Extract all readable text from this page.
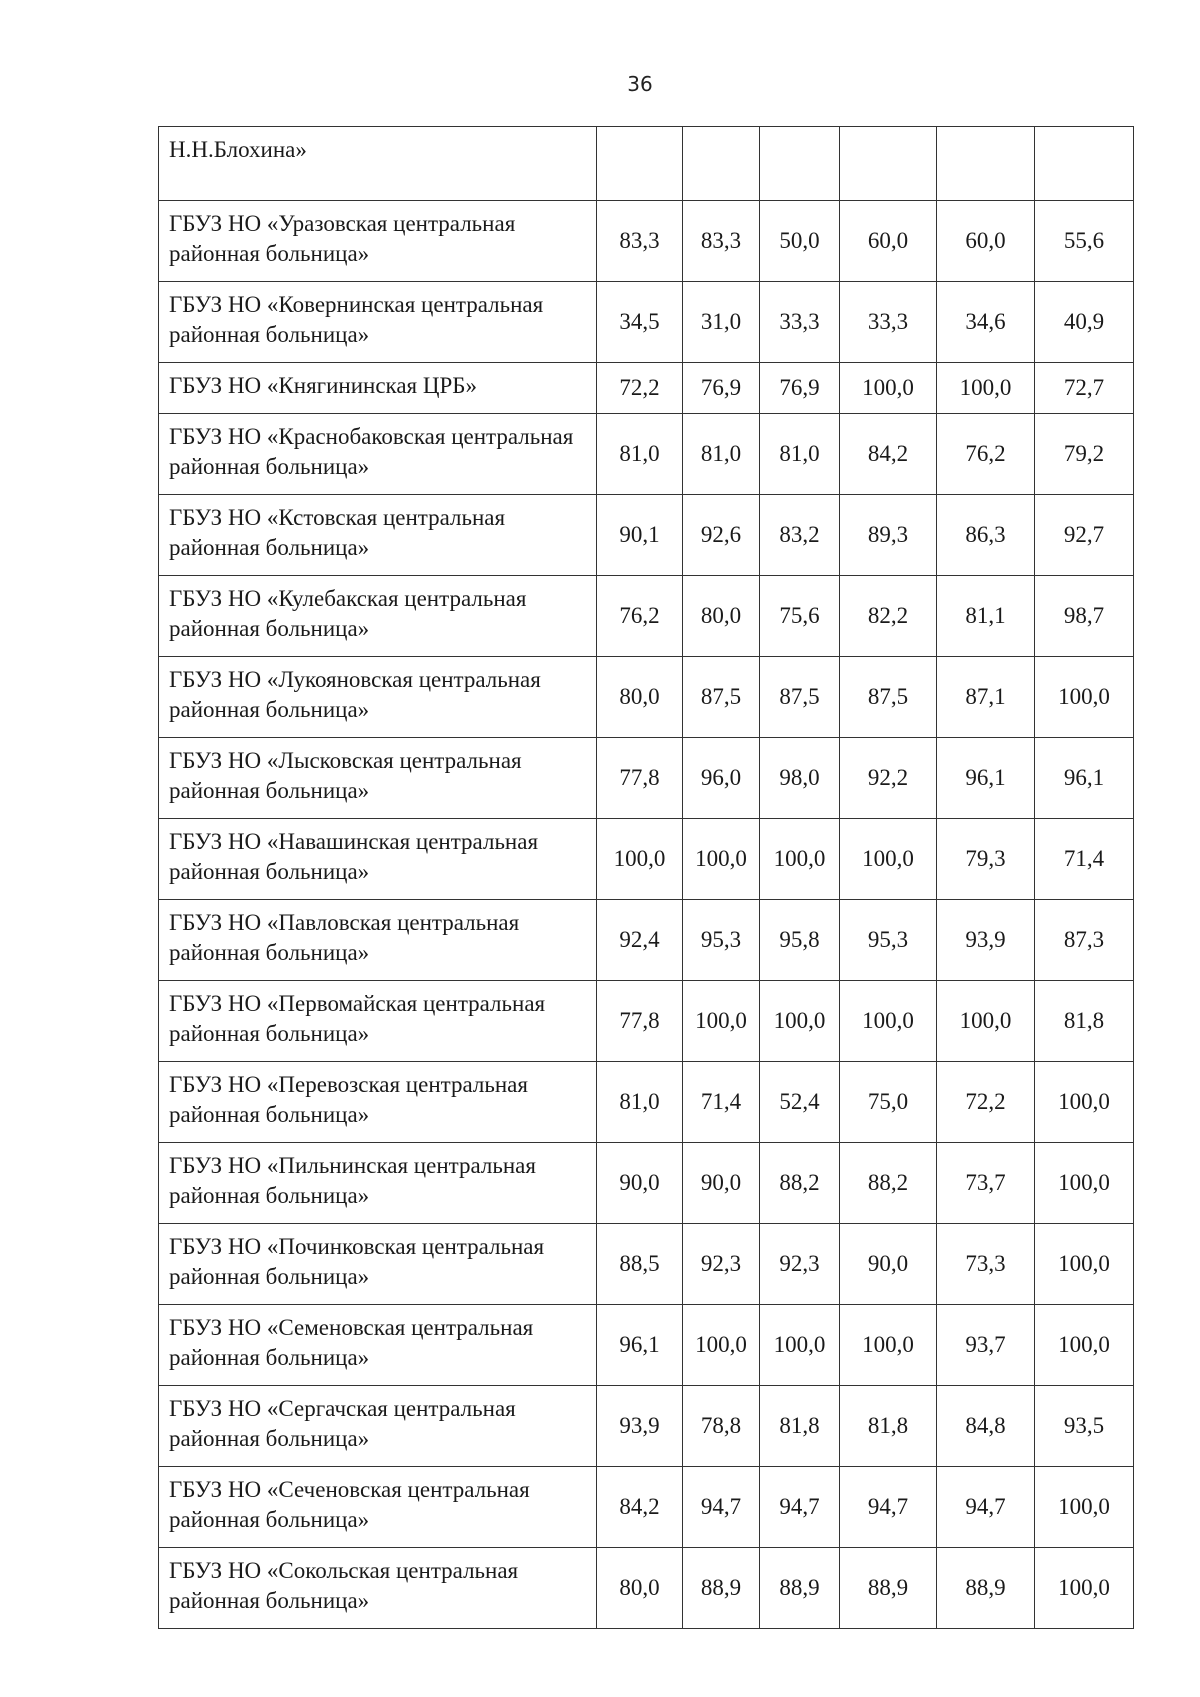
36
Н.Н.Блохина»						
ГБУЗ НО «Уразовская центральная районная больница»	83,3	83,3	50,0	60,0	60,0	55,6
ГБУЗ НО «Ковернинская центральная районная больница»	34,5	31,0	33,3	33,3	34,6	40,9
ГБУЗ НО «Княгининская ЦРБ»	72,2	76,9	76,9	100,0	100,0	72,7
ГБУЗ НО «Краснобаковская центральная районная больница»	81,0	81,0	81,0	84,2	76,2	79,2
ГБУЗ НО «Кстовская центральная районная больница»	90,1	92,6	83,2	89,3	86,3	92,7
ГБУЗ НО «Кулебакская центральная районная больница»	76,2	80,0	75,6	82,2	81,1	98,7
ГБУЗ НО «Лукояновская центральная районная больница»	80,0	87,5	87,5	87,5	87,1	100,0
ГБУЗ НО «Лысковская центральная районная больница»	77,8	96,0	98,0	92,2	96,1	96,1
ГБУЗ НО «Навашинская центральная районная больница»	100,0	100,0	100,0	100,0	79,3	71,4
ГБУЗ НО «Павловская центральная районная больница»	92,4	95,3	95,8	95,3	93,9	87,3
ГБУЗ НО «Первомайская центральная районная больница»	77,8	100,0	100,0	100,0	100,0	81,8
ГБУЗ НО «Перевозская центральная районная больница»	81,0	71,4	52,4	75,0	72,2	100,0
ГБУЗ НО «Пильнинская центральная районная больница»	90,0	90,0	88,2	88,2	73,7	100,0
ГБУЗ НО «Починковская центральная районная больница»	88,5	92,3	92,3	90,0	73,3	100,0
ГБУЗ НО «Семеновская центральная районная больница»	96,1	100,0	100,0	100,0	93,7	100,0
ГБУЗ НО «Сергачская центральная районная больница»	93,9	78,8	81,8	81,8	84,8	93,5
ГБУЗ НО «Сеченовская центральная районная больница»	84,2	94,7	94,7	94,7	94,7	100,0
ГБУЗ НО «Сокольская центральная районная больница»	80,0	88,9	88,9	88,9	88,9	100,0
